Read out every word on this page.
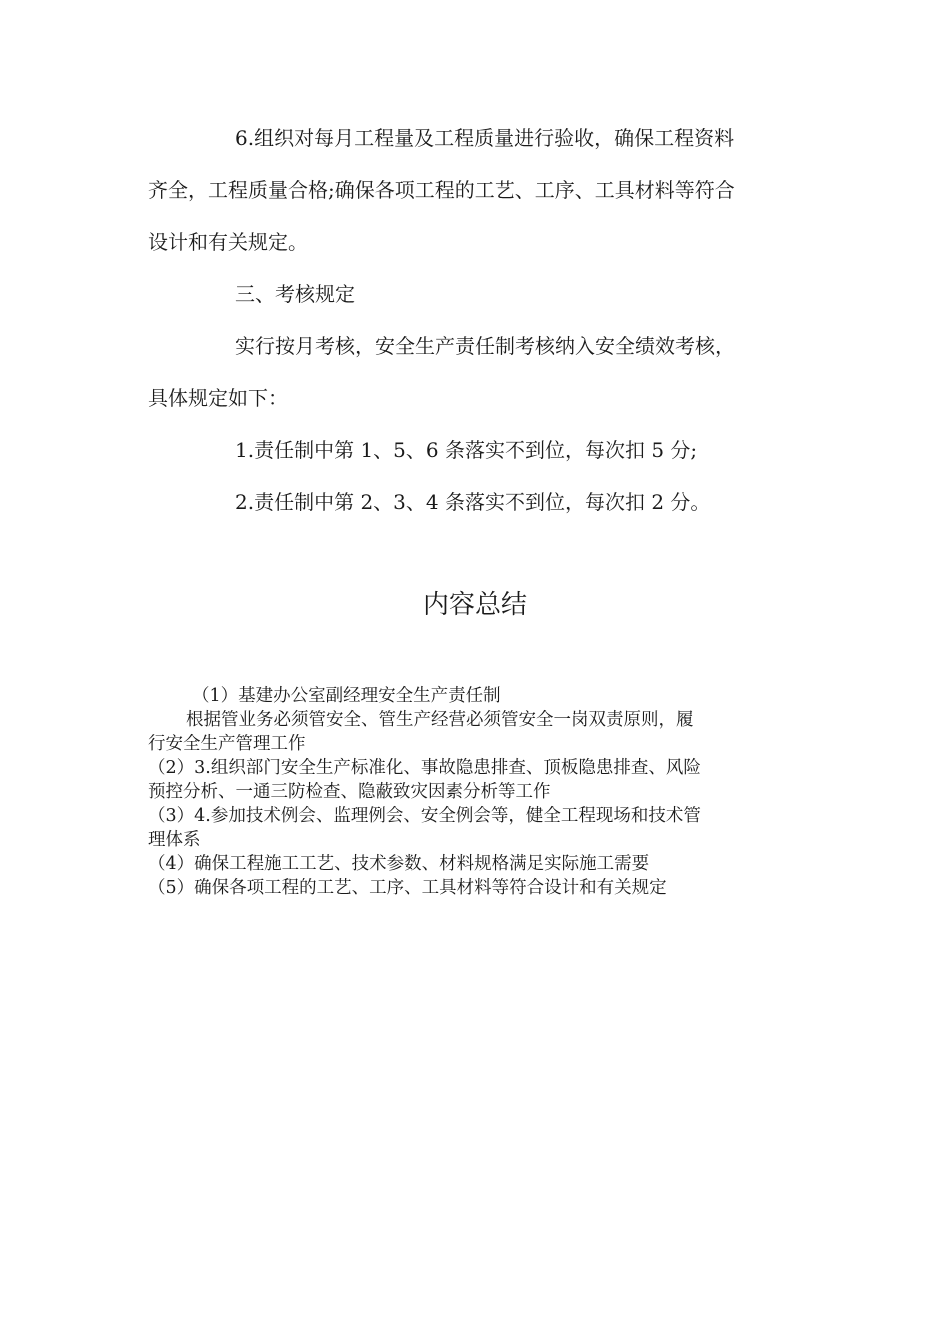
6.组织对每月工程量及工程质量进行验收，确保工程资料
齐全，工程质量合格;确保各项工程的工艺、工序、工具材料等符合
设计和有关规定。
三、考核规定
实行按月考核，安全生产责任制考核纳入安全绩效考核，
具体规定如下：
1.责任制中第 1、5、6 条落实不到位，每次扣 5 分;
2.责任制中第 2、3、4 条落实不到位，每次扣 2 分。
内容总结
（1）基建办公室副经理安全生产责任制
根据管业务必须管安全、管生产经营必须管安全一岗双责原则，履
行安全生产管理工作
（2）3.组织部门安全生产标准化、事故隐患排查、顶板隐患排查、风险
预控分析、一通三防检查、隐蔽致灾因素分析等工作
（3）4.参加技术例会、监理例会、安全例会等，健全工程现场和技术管
理体系
（4）确保工程施工工艺、技术参数、材料规格满足实际施工需要
（5）确保各项工程的工艺、工序、工具材料等符合设计和有关规定
